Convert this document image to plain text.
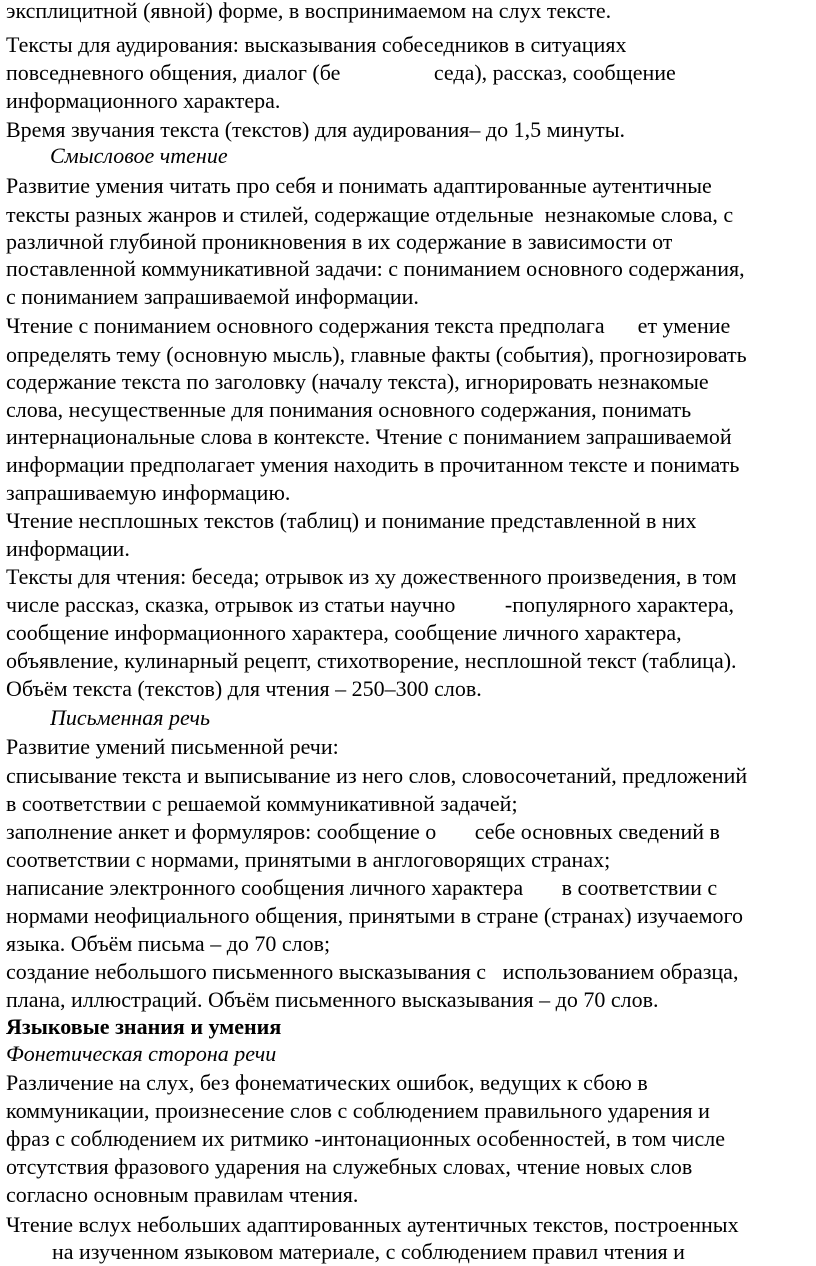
эксплицитной (явной) форме, в воспринимаемом на слух тексте.
Тексты для аудирования: высказывания собеседников в ситуациях
повседневного общения, диалог (бе                 седа), рассказ, сообщение
информационного характера.
Время звучания текста (текстов) для аудирования– до 1,5 минуты.
Смысловое чтение
Развитие умения читать про себя и понимать адаптированные аутентичные
тексты разных жанров и стилей, содержащие отдельные  незнакомые слова, с
различной глубиной проникновения в их содержание в зависимости от
поставленной коммуникативной задачи: с пониманием основного содержания,
с пониманием запрашиваемой информации.
Чтение с пониманием основного содержания текста предполага      ет умение
определять тему (основную мысль), главные факты (события), прогнозировать
содержание текста по заголовку (началу текста), игнорировать незнакомые
слова, несущественные для понимания основного содержания, понимать
интернациональные слова в контексте. Чтение с пониманием запрашиваемой
информации предполагает умения находить в прочитанном тексте и понимать
запрашиваемую информацию.
Чтение несплошных текстов (таблиц) и понимание представленной в них
информации.
Тексты для чтения: беседа; отрывок из ху дожественного произведения, в том
числе рассказ, сказка, отрывок из статьи научно         -популярного характера,
сообщение информационного характера, сообщение личного характера,
объявление, кулинарный рецепт, стихотворение, несплошной текст (таблица).
Объём текста (текстов) для чтения – 250–300 слов.
Письменная речь
Развитие умений письменной речи:
списывание текста и выписывание из него слов, словосочетаний, предложений
в соответствии с решаемой коммуникативной задачей;
заполнение анкет и формуляров: сообщение о       себе основных сведений в
соответствии с нормами, принятыми в англоговорящих странах;
написание электронного сообщения личного характера       в соответствии с
нормами неофициального общения, принятыми в стране (странах) изучаемого
языка. Объём письма – до 70 слов;
создание небольшого письменного высказывания с   использованием образца,
плана, иллюстраций. Объём письменного высказывания – до 70 слов.
Языковые знания и умения
Фонетическая сторона речи
Различение на слух, без фонематических ошибок, ведущих к сбою в
коммуникации, произнесение слов с соблюдением правильного ударения и
фраз с соблюдением их ритмико -интонационных особенностей, в том числе
отсутствия фразового ударения на служебных словах, чтение новых слов
согласно основным правилам чтения.
Чтение вслух небольших адаптированных аутентичных текстов, построенных
на изученном языковом материале, с соблюдением правил чтения и
